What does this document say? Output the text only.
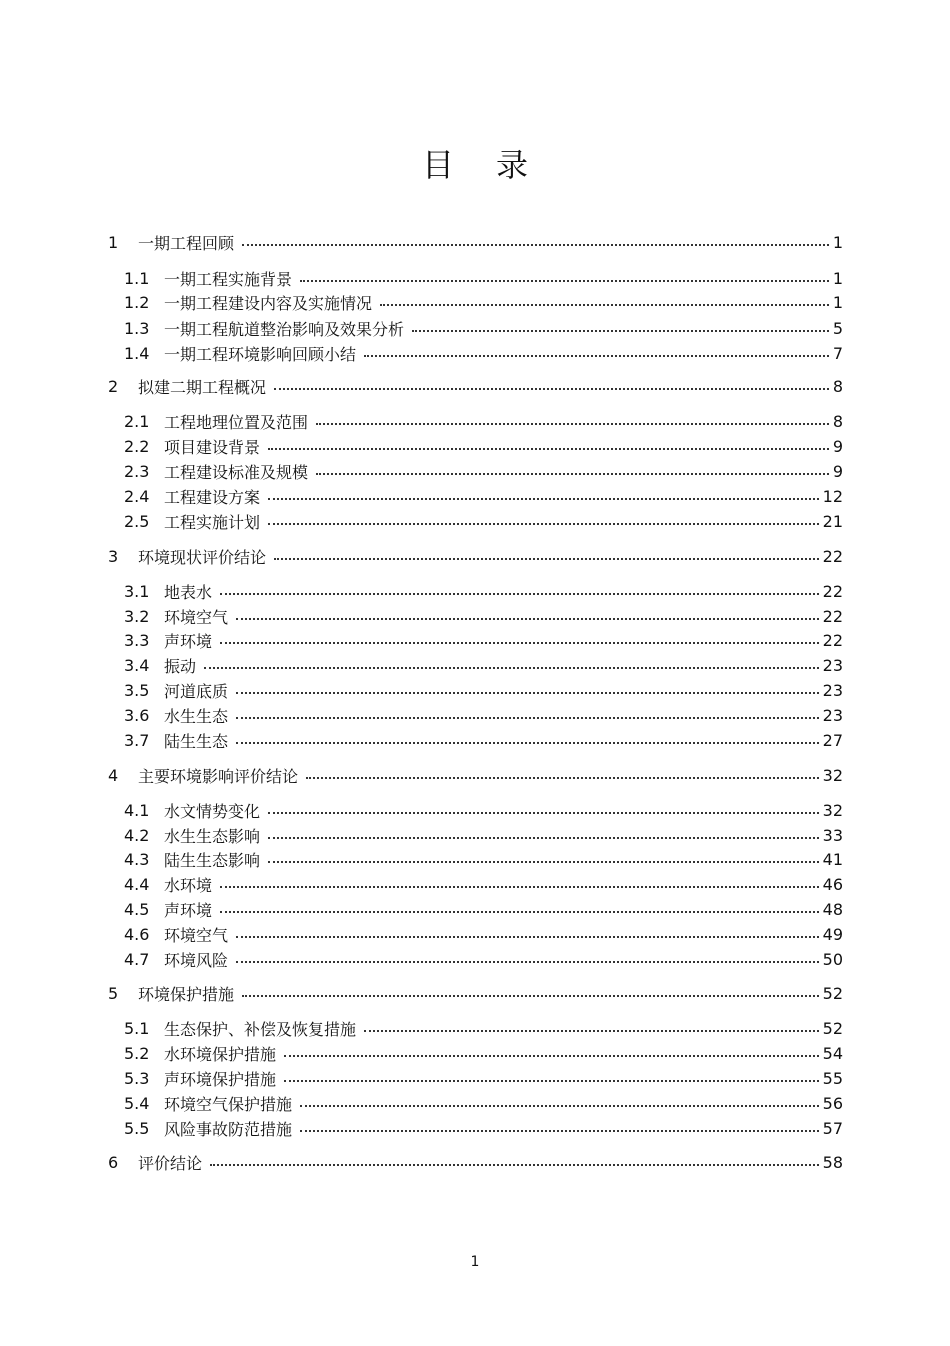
目 录
1	一期工程回顾	1
1.1 一期工程实施背景	1
1.2 一期工程建设内容及实施情况	1
1.3 一期工程航道整治影响及效果分析	5
1.4 一期工程环境影响回顾小结	7
2	拟建二期工程概况	8
2.1 工程地理位置及范围	8
2.2 项目建设背景	9
2.3 工程建设标准及规模	9
2.4 工程建设方案	12
2.5 工程实施计划	21
3	环境现状评价结论	22
3.1 地表水	22
3.2 环境空气	22
3.3 声环境	22
3.4 振动	23
3.5 河道底质	23
3.6 水生生态	23
3.7 陆生生态	27
4	主要环境影响评价结论	32
4.1 水文情势变化	32
4.2 水生生态影响	33
4.3 陆生生态影响	41
4.4 水环境	46
4.5 声环境	48
4.6 环境空气	49
4.7 环境风险	50
5	环境保护措施	52
5.1 生态保护、补偿及恢复措施	52
5.2 水环境保护措施	54
5.3 声环境保护措施	55
5.4 环境空气保护措施	56
5.5 风险事故防范措施	57
6	评价结论	58
1
